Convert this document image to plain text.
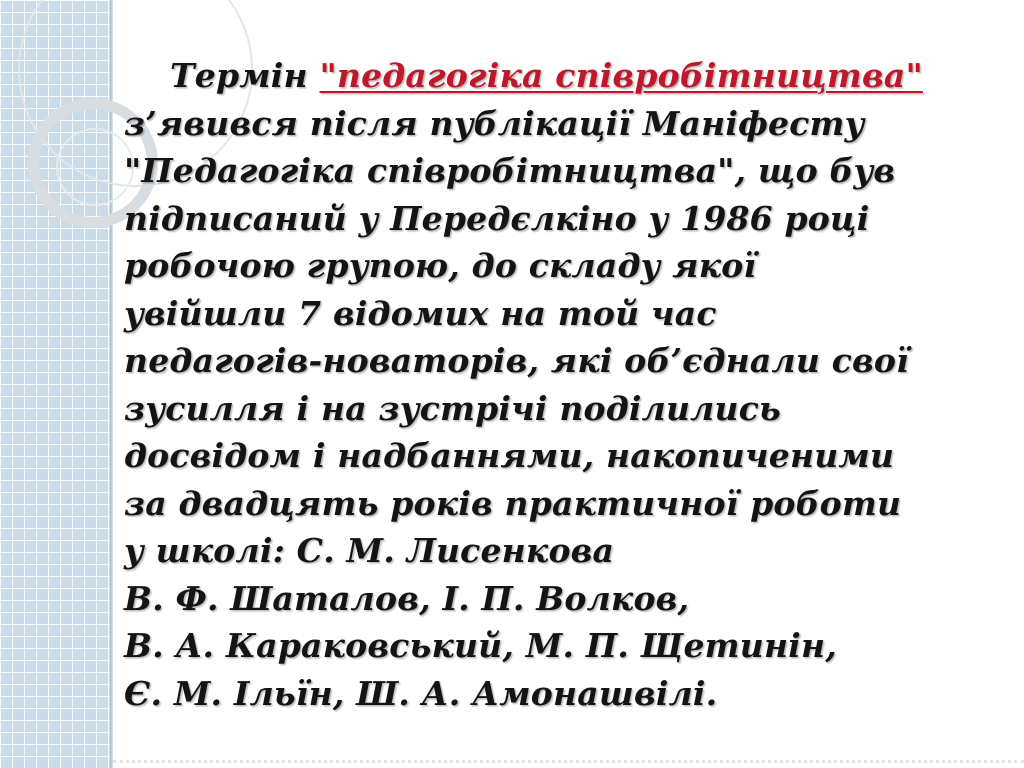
Термін "педагогіка співробітництва"
з’явився після публікації Маніфесту
"Педагогіка співробітництва", що був
підписаний у Передєлкіно у 1986 році
робочою групою, до складу якої
увійшли 7 відомих на той час
педагогів-новаторів, які об’єднали свої
зусилля і на зустрічі поділились
досвідом і надбаннями, накопиченими
за двадцять років практичної роботи
у школі: С. М. Лисенкова
В. Ф. Шаталов, І. П. Волков,
В. А. Караковський, М. П. Щетинін,
Є. М. Ільїн, Ш. А. Амонашвілі.
